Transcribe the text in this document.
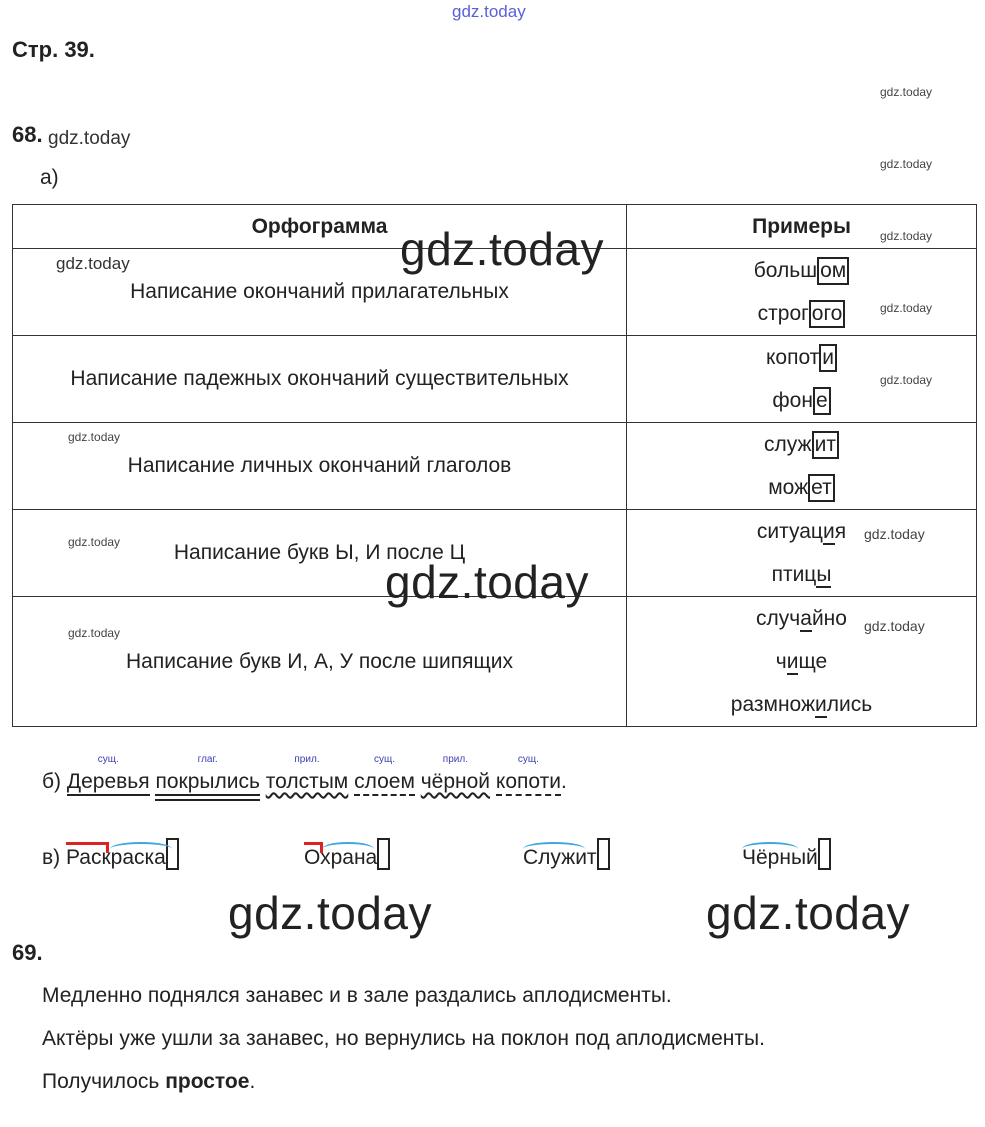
gdz.today
gdz.today
gdz.today
gdz.today
gdz.today
gdz.today
gdz.today
gdz.today
gdz.today
gdz.today
gdz.today
gdz.today
Стр. 39.
68. gdz.today
а)
Орфограмма	Примеры
Написание окончаний прилагательных	больш ом
строг ого

Написание падежных окончаний существительных	копот и
фон е

Написание личных окончаний глаголов	служ ит
мож ет

Написание букв Ы, И после Ц	ситуация
птицы

Написание букв И, А, У после шипящих	случайно
чище
размножились
gdz.today
gdz.today
б)
сущ.
Деревья
глаг.
покрылись
прил.
толстым
сущ.
слоем
прил.
чёрной
сущ.
копоти.
в) Раскраска	Охрана	Служит	Чёрный
gdz.today	gdz.today
69.
Медленно поднялся занавес и в зале раздались аплодисменты.
Актёры уже ушли за занавес, но вернулись на поклон под аплодисменты.
Получилось простое.
